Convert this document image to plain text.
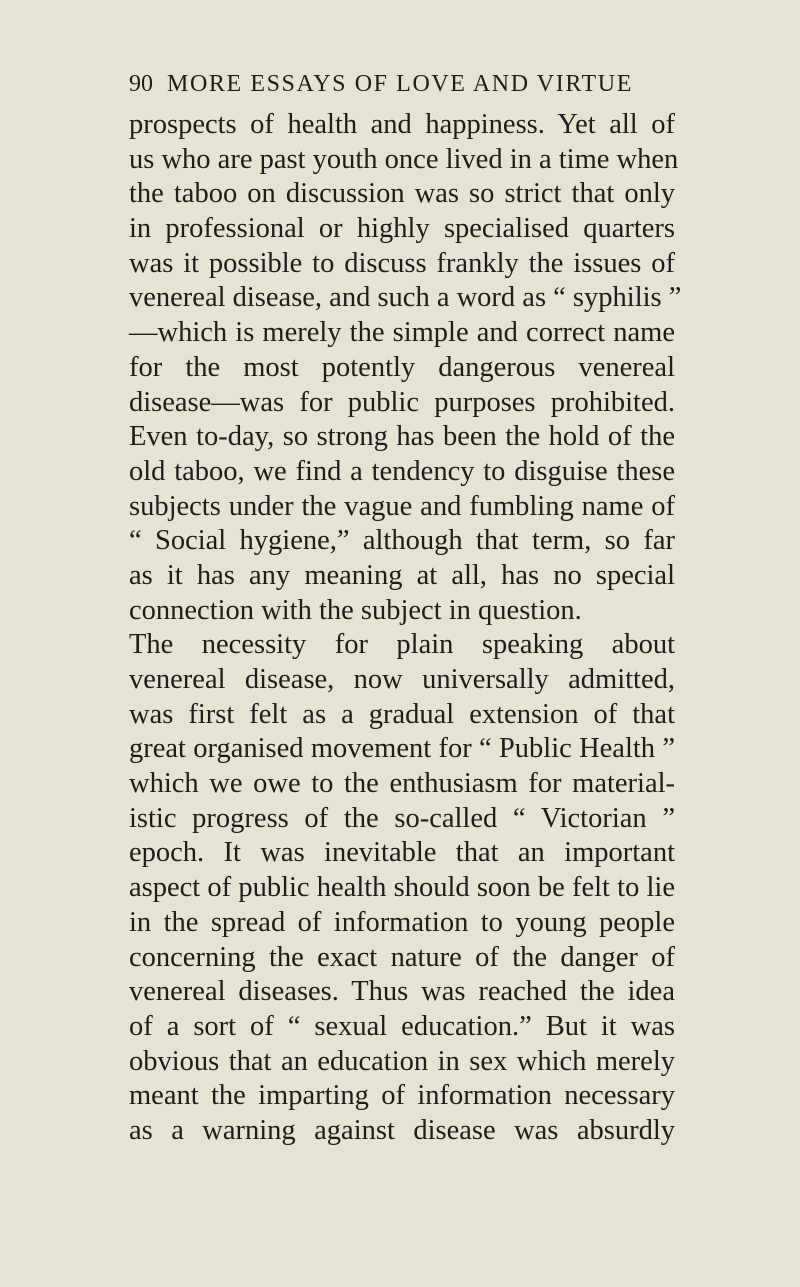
90 MORE ESSAYS OF LOVE AND VIRTUE
prospects of health and happiness. Yet all of
us who are past youth once lived in a time when
the taboo on discussion was so strict that only
in professional or highly specialised quarters
was it possible to discuss frankly the issues of
venereal disease, and such a word as “ syphilis ”
—which is merely the simple and correct name
for the most potently dangerous venereal
disease—was for public purposes prohibited.
Even to-day, so strong has been the hold of the
old taboo, we find a tendency to disguise these
subjects under the vague and fumbling name of
“ Social hygiene,” although that term, so far
as it has any meaning at all, has no special
connection with the subject in question.
The necessity for plain speaking about
venereal disease, now universally admitted,
was first felt as a gradual extension of that
great organised movement for “ Public Health ”
which we owe to the enthusiasm for material-
istic progress of the so-called “ Victorian ”
epoch. It was inevitable that an important
aspect of public health should soon be felt to lie
in the spread of information to young people
concerning the exact nature of the danger of
venereal diseases. Thus was reached the idea
of a sort of “ sexual education.” But it was
obvious that an education in sex which merely
meant the imparting of information necessary
as a warning against disease was absurdly
